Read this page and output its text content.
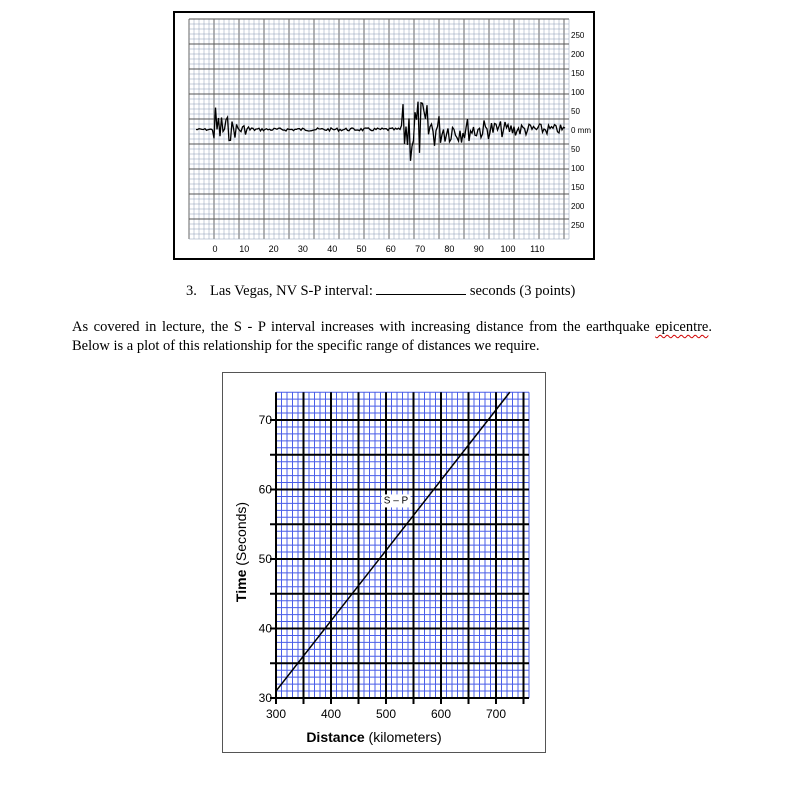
0 10 20 30 40 50 60 70 80 90 100 110
250
200
150
100
50
0 mm
50
100
150
200
250
3. Las Vegas, NV S-P interval:	seconds (3 points)
As covered in lecture, the S - P interval increases with increasing distance from the earthquake epicentre. Below is a plot of this relationship for the specific range of distances we require.
300	400	500	600	700
30
40
50
60
70
S – P
Distance (kilometers)
Time (Seconds)
